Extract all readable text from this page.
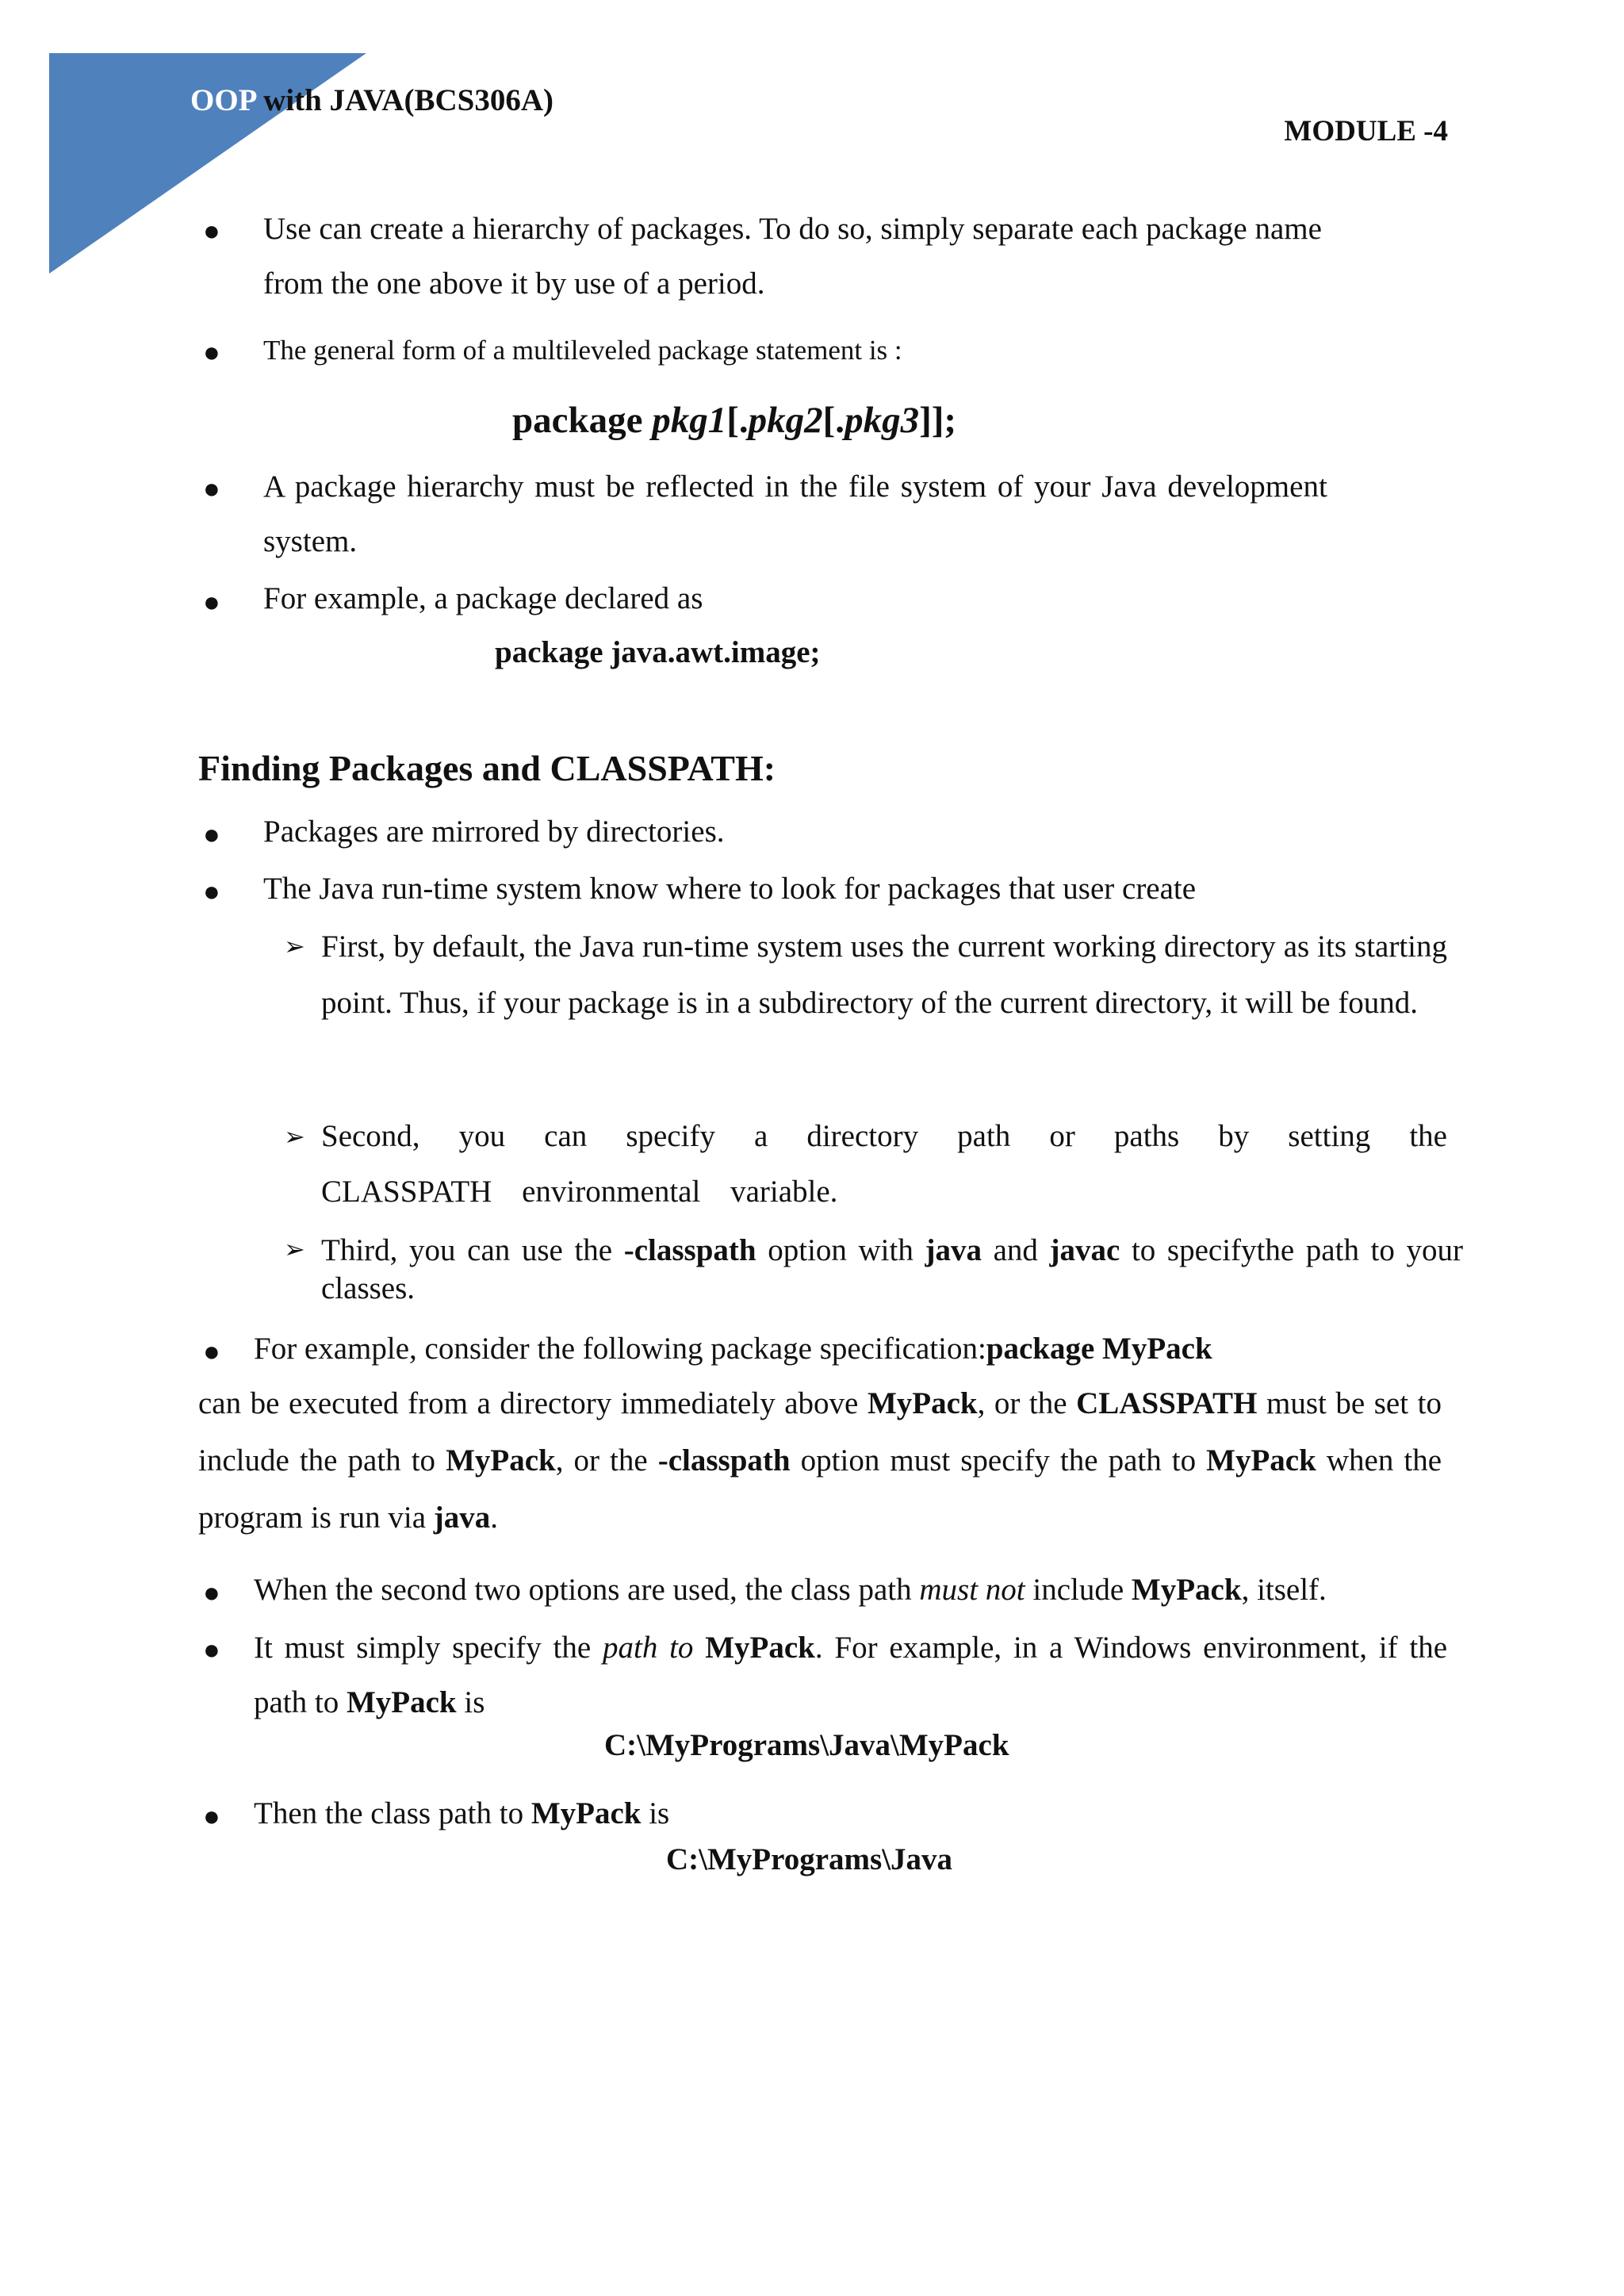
OOP with JAVA(BCS306A)
MODULE -4
● Use can create a hierarchy of packages. To do so, simply separate each package name
from the one above it by use of a period.
● The general form of a multileveled package statement is :
package pkg1[.pkg2[.pkg3]];
● A package hierarchy must be reflected in the file system of your Java development
system.
● For example, a package declared as
package java.awt.image;
Finding Packages and CLASSPATH:
● Packages are mirrored by directories.
● The Java run-time system know where to look for packages that user create
➢ First, by default, the Java run-time system uses the current working directory as its starting point. Thus, if your package is in a subdirectory of the current directory, it will be found.
➢ Second, you can specify a directory path or paths by setting the CLASSPATH environmental variable.
➢ Third, you can use the -classpath option with java and javac to specifythe path to your classes.
● For example, consider the following package specification:package MyPack
can be executed from a directory immediately above MyPack, or the CLASSPATH must be set to include the path to MyPack, or the -classpath option must specify the path to MyPack when the program is run via java.
● When the second two options are used, the class path must not include MyPack, itself.
● It must simply specify the path to MyPack. For example, in a Windows environment, if the path to MyPack is
C:\MyPrograms\Java\MyPack
● Then the class path to MyPack is
C:\MyPrograms\Java
